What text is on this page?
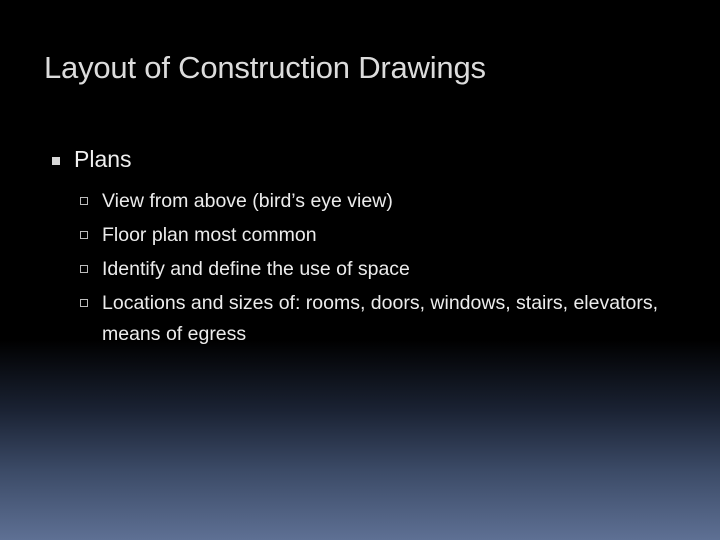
Layout of Construction Drawings
Plans
View from above (bird’s eye view)
Floor plan most common
Identify and define the use of space
Locations and sizes of: rooms, doors, windows, stairs, elevators, means of egress
